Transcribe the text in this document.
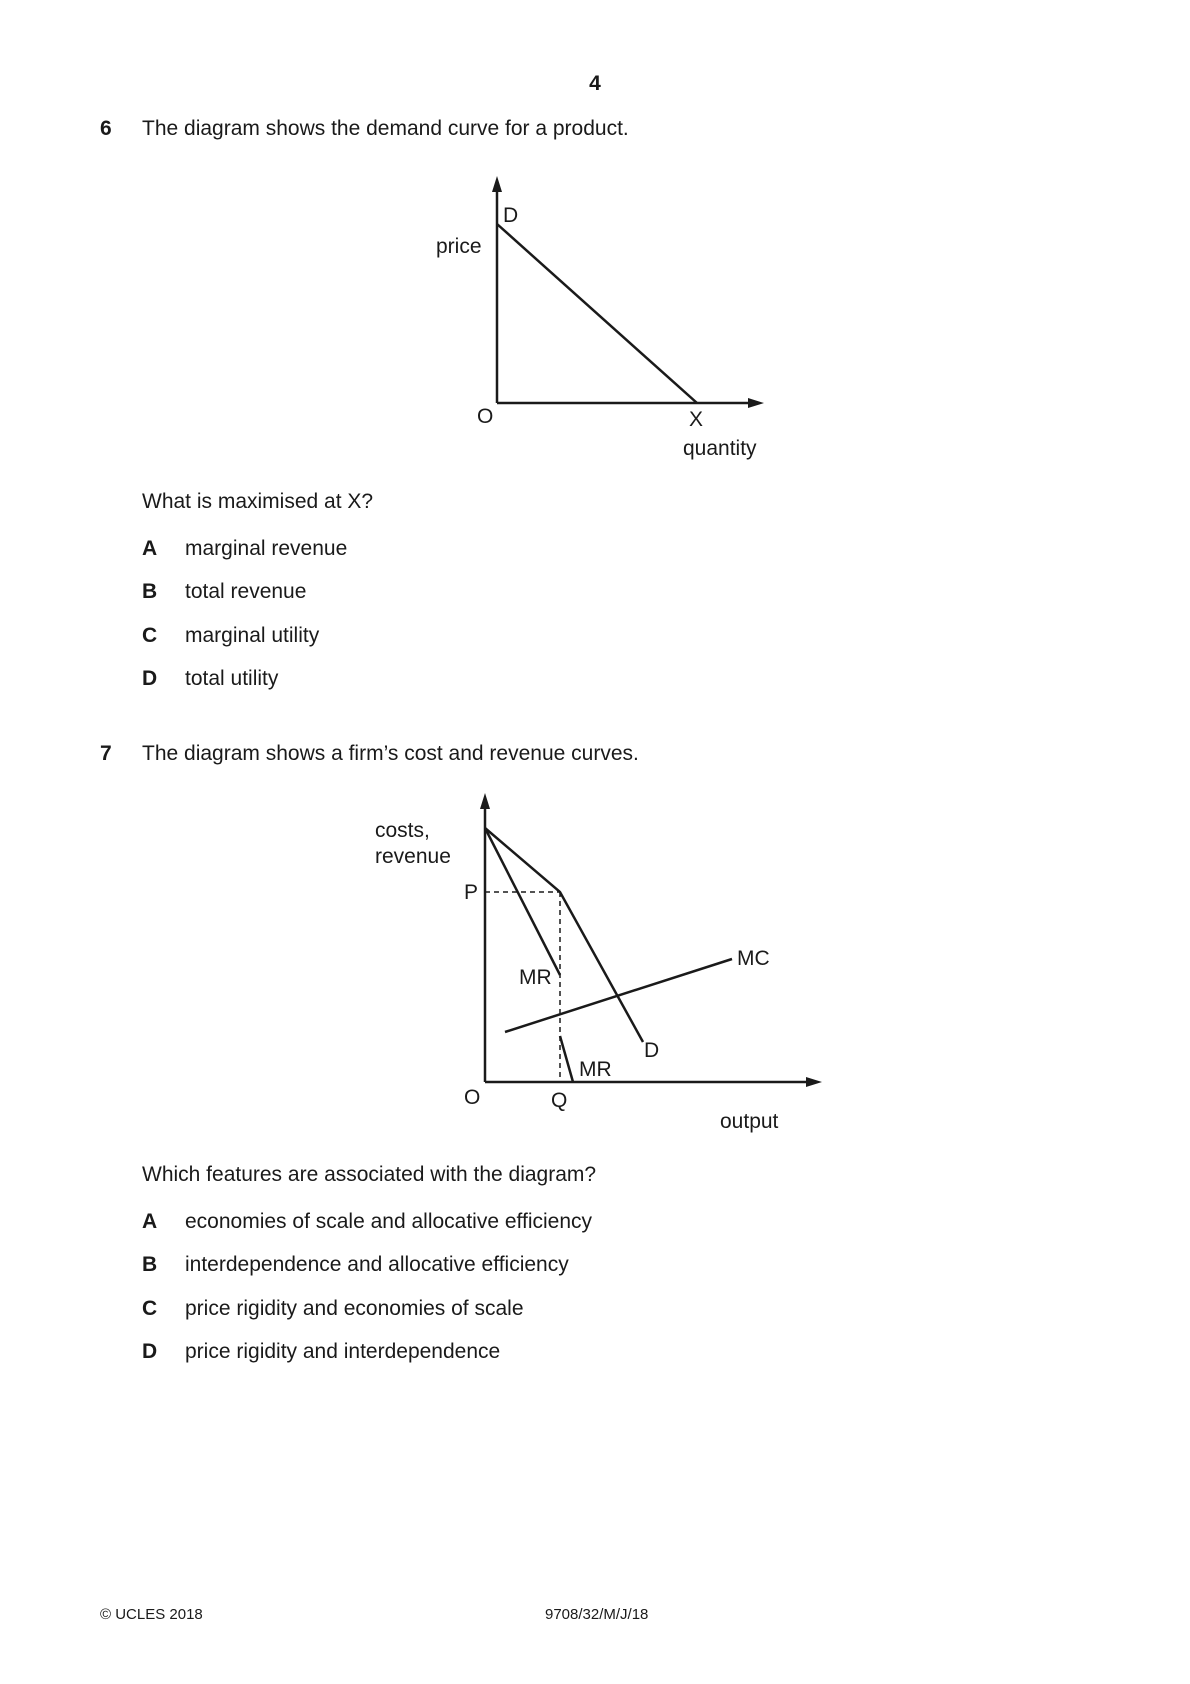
4
6 The diagram shows the demand curve for a product.
D
price
O	X
quantity
What is maximised at X?
A marginal revenue
B total revenue
C marginal utility
D total utility
7 The diagram shows a firm’s cost and revenue curves.
costs,
revenue
P
MC
MR
D
MR
O	Q
output
Which features are associated with the diagram?
A economies of scale and allocative efficiency
B interdependence and allocative efficiency
C price rigidity and economies of scale
D price rigidity and interdependence
© UCLES 2018	9708/32/M/J/18
